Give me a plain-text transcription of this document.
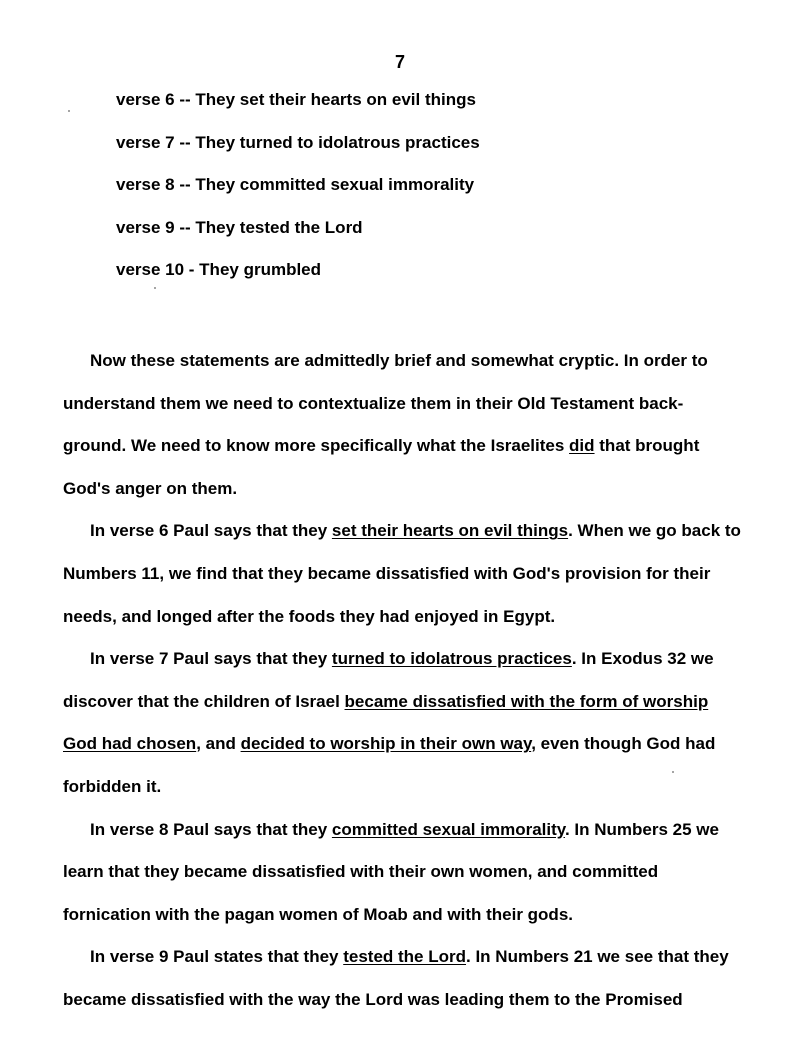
7
verse 6 -- They set their hearts on evil things
verse 7 -- They turned to idolatrous practices
verse 8 -- They committed sexual immorality
verse 9 -- They tested the Lord
verse 10 - They grumbled

Now these statements are admittedly brief and somewhat cryptic. In order to understand them we need to contextualize them in their Old Testament back-ground. We need to know more specifically what the Israelites did that brought God's anger on them.

In verse 6 Paul says that they set their hearts on evil things. When we go back to Numbers 11, we find that they became dissatisfied with God's provision for their needs, and longed after the foods they had enjoyed in Egypt.

In verse 7 Paul says that they turned to idolatrous practices. In Exodus 32 we discover that the children of Israel became dissatisfied with the form of worship God had chosen, and decided to worship in their own way, even though God had forbidden it.

In verse 8 Paul says that they committed sexual immorality. In Numbers 25 we learn that they became dissatisfied with their own women, and committed fornication with the pagan women of Moab and with their gods.

In verse 9 Paul states that they tested the Lord. In Numbers 21 we see that they became dissatisfied with the way the Lord was leading them to the Promised
